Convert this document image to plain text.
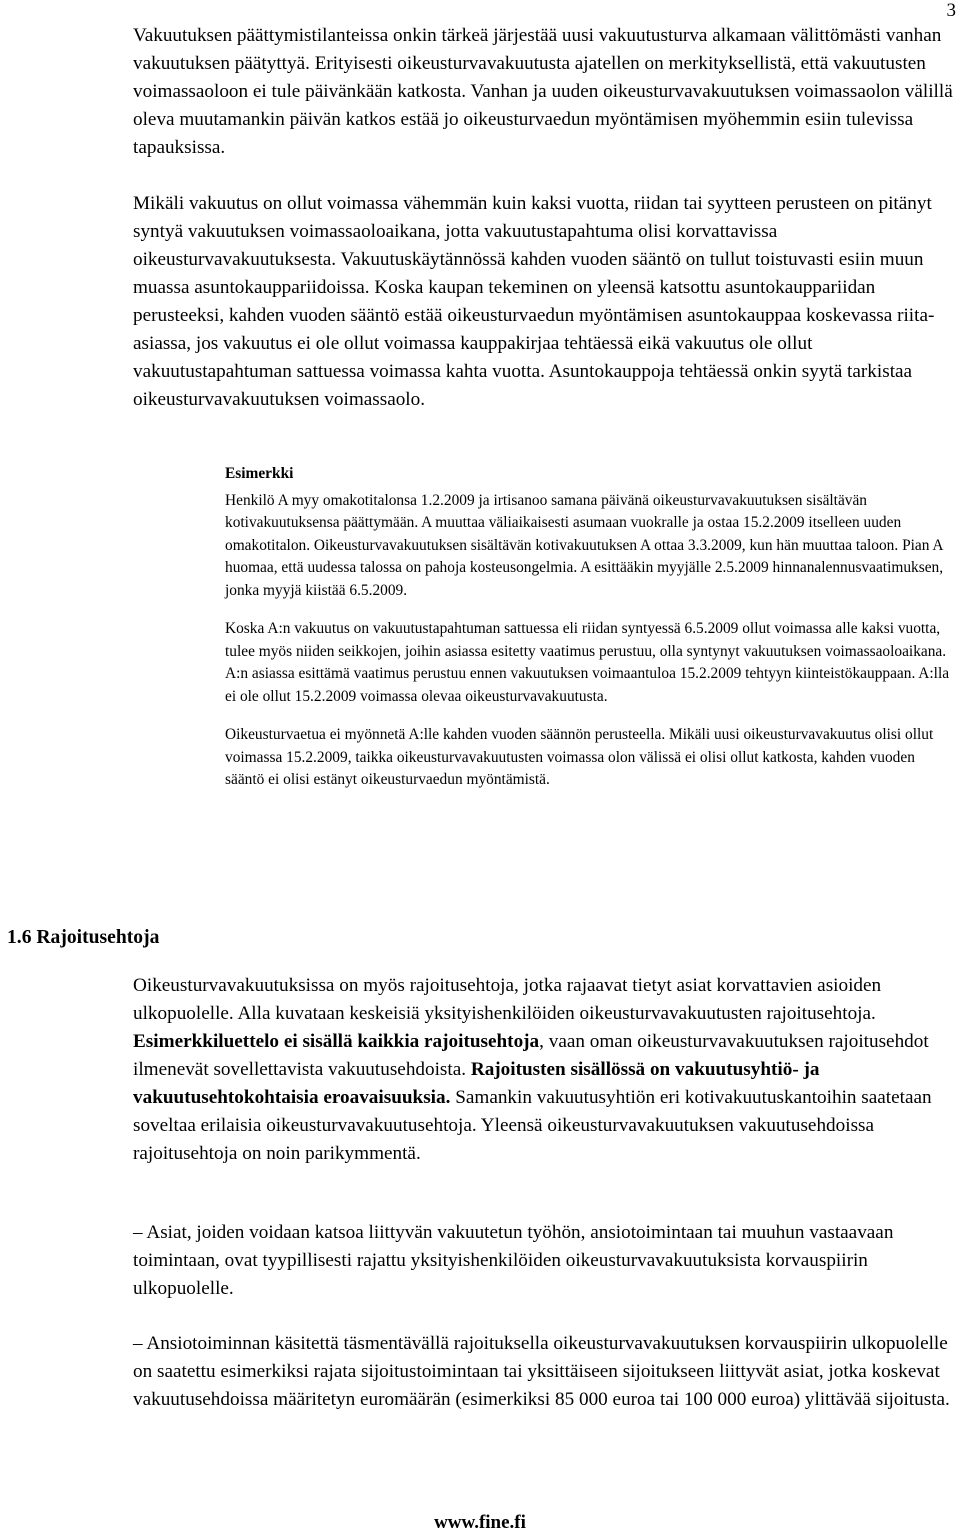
3

Vakuutuksen päättymistilanteissa onkin tärkeä järjestää uusi vakuutusturva alkamaan välittömästi vanhan vakuutuksen päätyttyä. Erityisesti oikeusturvavakuutusta ajatellen on merkityksellistä, että vakuutusten voimassaoloon ei tule päivänkään katkosta. Vanhan ja uuden oikeusturvavakuutuksen voimassaolon välillä oleva muutamankin päivän katkos estää jo oikeusturvaedun myöntämisen myöhemmin esiin tulevissa tapauksissa.

Mikäli vakuutus on ollut voimassa vähemmän kuin kaksi vuotta, riidan tai syytteen perusteen on pitänyt syntyä vakuutuksen voimassaoloaikana, jotta vakuutustapahtuma olisi korvattavissa oikeusturvavakuutuksesta. Vakuutuskäytännössä kahden vuoden sääntö on tullut toistuvasti esiin muun muassa asuntokauppariidoissa. Koska kaupan tekeminen on yleensä katsottu asuntokauppariidan perusteeksi, kahden vuoden sääntö estää oikeusturvaedun myöntämisen asuntokauppaa koskevassa riita-asiassa, jos vakuutus ei ole ollut voimassa kauppakirjaa tehtäessä eikä vakuutus ole ollut vakuutustapahtuman sattuessa voimassa kahta vuotta. Asuntokauppoja tehtäessä onkin syytä tarkistaa oikeusturvavakuutuksen voimassaolo.

Esimerkki
Henkilö A myy omakotitalonsa 1.2.2009 ja irtisanoo samana päivänä oikeusturvavakuutuksen sisältävän kotivakuutuksensa päättymään. A muuttaa väliaikaisesti asumaan vuokralle ja ostaa 15.2.2009 itselleen uuden omakotitalon. Oikeusturvavakuutuksen sisältävän kotivakuutuksen A ottaa 3.3.2009, kun hän muuttaa taloon. Pian A huomaa, että uudessa talossa on pahoja kosteusongelmia. A esittääkin myyjälle 2.5.2009 hinnanalennusvaatimuksen, jonka myyjä kiistää 6.5.2009.
Koska A:n vakuutus on vakuutustapahtuman sattuessa eli riidan syntyessä 6.5.2009 ollut voimassa alle kaksi vuotta, tulee myös niiden seikkojen, joihin asiassa esitetty vaatimus perustuu, olla syntynyt vakuutuksen voimassaoloaikana. A:n asiassa esittämä vaatimus perustuu ennen vakuutuksen voimaantuloa 15.2.2009 tehtyyn kiinteistökauppaan. A:lla ei ole ollut 15.2.2009 voimassa olevaa oikeusturvavakuutusta.
Oikeusturvaetua ei myönnetä A:lle kahden vuoden säännön perusteella. Mikäli uusi oikeusturvavakuutus olisi ollut voimassa 15.2.2009, taikka oikeusturvavakuutusten voimassa olon välissä ei olisi ollut katkosta, kahden vuoden sääntö ei olisi estänyt oikeusturvaedun myöntämistä.
1.6 Rajoitusehtoja

Oikeusturvavakuutuksissa on myös rajoitusehtoja, jotka rajaavat tietyt asiat korvattavien asioiden ulkopuolelle. Alla kuvataan keskeisiä yksityishenkilöiden oikeusturvavakuutusten rajoitusehtoja. Esimerkkiluettelo ei sisällä kaikkia rajoitusehtoja, vaan oman oikeusturvavakuutuksen rajoitusehdot ilmenevät sovellettavista vakuutusehdoista. Rajoitusten sisällössä on vakuutusyhtiö- ja vakuutusehtokohtaisia eroavaisuuksia. Samankin vakuutusyhtiön eri kotivakuutuskantoihin saatetaan soveltaa erilaisia oikeusturvavakuutusehtoja. Yleensä oikeusturvavakuutuksen vakuutusehdoissa rajoitusehtoja on noin parikymmentä.

– Asiat, joiden voidaan katsoa liittyvän vakuutetun työhön, ansiotoimintaan tai muuhun vastaavaan toimintaan, ovat tyypillisesti rajattu yksityishenkilöiden oikeusturvavakuutuksista korvauspiirin ulkopuolelle.

– Ansiotoiminnan käsitettä täsmentävällä rajoituksella oikeusturvavakuutuksen korvauspiirin ulkopuolelle on saatettu esimerkiksi rajata sijoitustoimintaan tai yksittäiseen sijoitukseen liittyvät asiat, jotka koskevat vakuutusehdoissa määritetyn euromäärän (esimerkiksi 85 000 euroa tai 100 000 euroa) ylittävää sijoitusta.

www.fine.fi
